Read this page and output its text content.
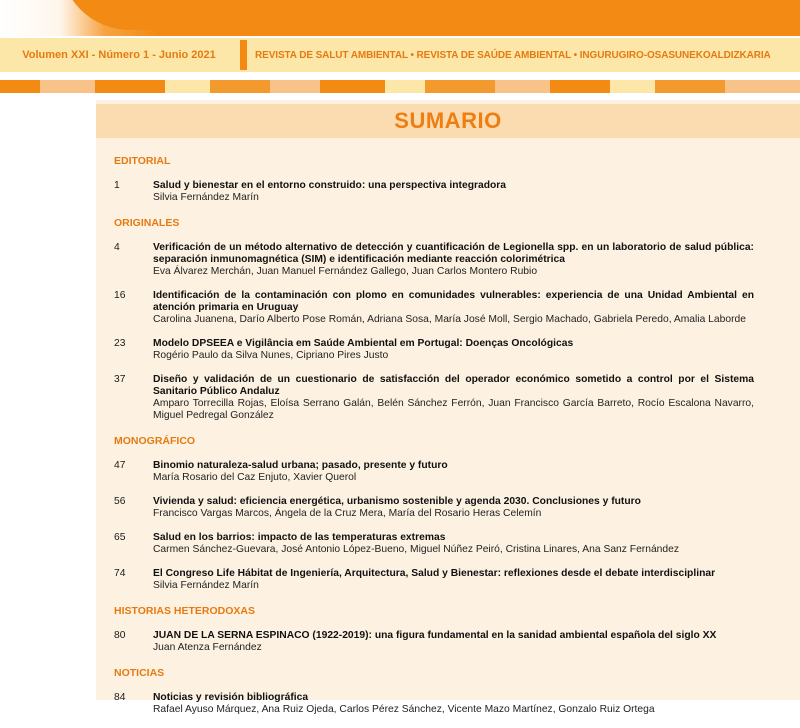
Volumen XXI - Número 1 - Junio 2021	REVISTA DE SALUT AMBIENTAL • REVISTA DE SAÚDE AMBIENTAL • INGURUGIRO-OSASUNEKOALDIZKARIA
SUMARIO
EDITORIAL
1	Salud y bienestar en el entorno construido: una perspectiva integradora
Silvia Fernández Marín
ORIGINALES
4	Verificación de un método alternativo de detección y cuantificación de Legionella spp. en un laboratorio de salud pública: separación inmunomagnética (SIM) e identificación mediante reacción colorimétrica
Eva Álvarez Merchán, Juan Manuel Fernández Gallego, Juan Carlos Montero Rubio
16	Identificación de la contaminación con plomo en comunidades vulnerables: experiencia de una Unidad Ambiental en atención primaria en Uruguay
Carolina Juanena, Darío Alberto Pose Román, Adriana Sosa, María José Moll, Sergio Machado, Gabriela Peredo, Amalia Laborde
23	Modelo DPSEEA e Vigilância em Saúde Ambiental em Portugal: Doenças Oncológicas
Rogério Paulo da Silva Nunes, Cipriano Pires Justo
37	Diseño y validación de un cuestionario de satisfacción del operador económico sometido a control por el Sistema Sanitario Público Andaluz
Amparo Torrecilla Rojas, Eloísa Serrano Galán, Belén Sánchez Ferrón, Juan Francisco García Barreto, Rocío Escalona Navarro, Miguel Pedregal González
MONOGRÁFICO
47	Binomio naturaleza-salud urbana; pasado, presente y futuro
María Rosario del Caz Enjuto, Xavier Querol
56	Vivienda y salud: eficiencia energética, urbanismo sostenible y agenda 2030. Conclusiones y futuro
Francisco Vargas Marcos, Ángela de la Cruz Mera, María del Rosario Heras Celemín
65	Salud en los barrios: impacto de las temperaturas extremas
Carmen Sánchez-Guevara, José Antonio López-Bueno, Miguel Núñez Peiró, Cristina Linares, Ana Sanz Fernández
74	El Congreso Life Hábitat de Ingeniería, Arquitectura, Salud y Bienestar: reflexiones desde el debate interdisciplinar
Silvia Fernández Marín
HISTORIAS HETERODOXAS
80	JUAN DE LA SERNA ESPINACO (1922-2019): una figura fundamental en la sanidad ambiental española del siglo XX
Juan Atenza Fernández
NOTICIAS
84	Noticias y revisión bibliográfica
Rafael Ayuso Márquez, Ana Ruiz Ojeda, Carlos Pérez Sánchez, Vicente Mazo Martínez, Gonzalo Ruiz Ortega
